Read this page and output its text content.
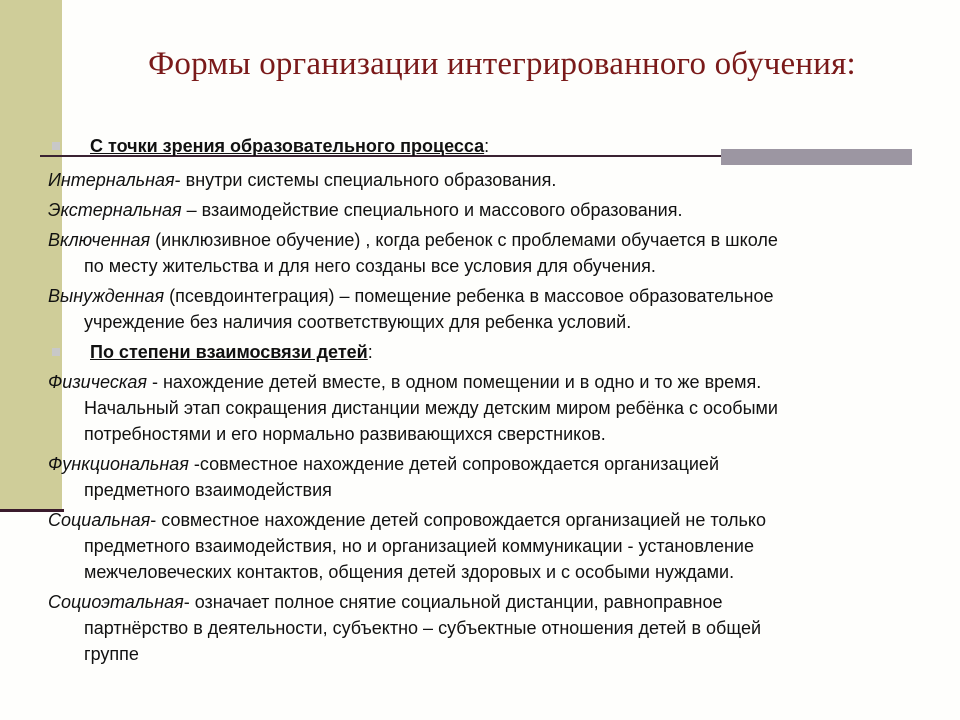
Формы организации интегрированного обучения:
С точки зрения образовательного процесса:
Интернальная- внутри системы специального образования.
Экстернальная – взаимодействие специального и массового образования.
Включенная (инклюзивное обучение) , когда ребенок с проблемами обучается в школе
по месту жительства и для него созданы все условия для обучения.
Вынужденная (псевдоинтеграция) – помещение ребенка в массовое образовательное
учреждение без наличия соответствующих для ребенка условий.
По степени взаимосвязи детей:
Физическая - нахождение детей вместе, в одном помещении и в одно и то же время.
Начальный этап сокращения дистанции между детским миром ребёнка с особыми
потребностями и его нормально развивающихся сверстников.
Функциональная -совместное нахождение детей сопровождается организацией
предметного взаимодействия
Социальная- совместное нахождение детей сопровождается организацией не только
предметного взаимодействия, но и организацией коммуникации - установление
межчеловеческих контактов, общения детей здоровых и с особыми нуждами.
Социоэтальная- означает полное снятие социальной дистанции, равноправное
партнёрство в деятельности, субъектно – субъектные отношения детей в общей
группе
